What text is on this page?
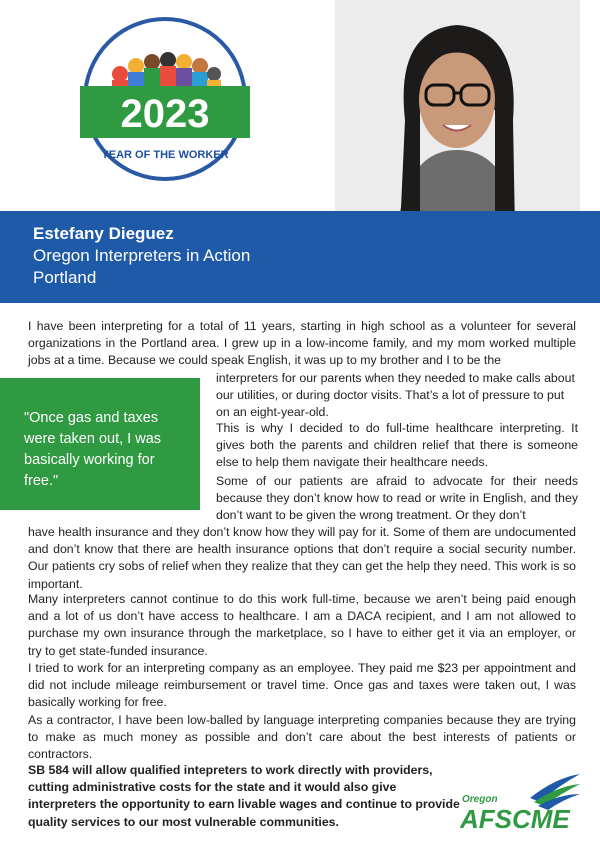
2023
YEAR OF THE WORKER
Estefany Dieguez
Oregon Interpreters in Action
Portland

I have been interpreting for a total of 11 years, starting in high school as a volunteer for several organizations in the Portland area. I grew up in a low-income family, and my mom worked multiple jobs at a time. Because we could speak English, it was up to my brother and I to be the

interpreters for our parents when they needed to make calls about our utilities, or during doctor visits. That’s a lot of pressure to put on an eight-year-old.

"Once gas and taxes were taken out, I was basically working for free."

This is why I decided to do full-time healthcare interpreting. It gives both the parents and children relief that there is someone else to help them navigate their healthcare needs.

Some of our patients are afraid to advocate for their needs because they don’t know how to read or write in English, and they don’t want to be given the wrong treatment. Or they don’t

have health insurance and they don’t know how they will pay for it. Some of them are undocumented and don’t know that there are health insurance options that don’t require a social security number. Our patients cry sobs of relief when they realize that they can get the help they need. This work is so important.

Many interpreters cannot continue to do this work full-time, because we aren’t being paid enough and a lot of us don’t have access to healthcare. I am a DACA recipient, and I am not allowed to purchase my own insurance through the marketplace, so I have to either get it via an employer, or try to get state-funded insurance.

I tried to work for an interpreting company as an employee. They paid me $23 per appointment and did not include mileage reimbursement or travel time. Once gas and taxes were taken out, I was basically working for free.

As a contractor, I have been low-balled by language interpreting companies because they are trying to make as much money as possible and don’t care about the best interests of patients or contractors.

SB 584 will allow qualified intepreters to work directly with providers, cutting administrative costs for the state and it would also give interpreters the opportunity to earn livable wages and continue to provide quality services to our most vulnerable communities.

Oregon
AFSCME
